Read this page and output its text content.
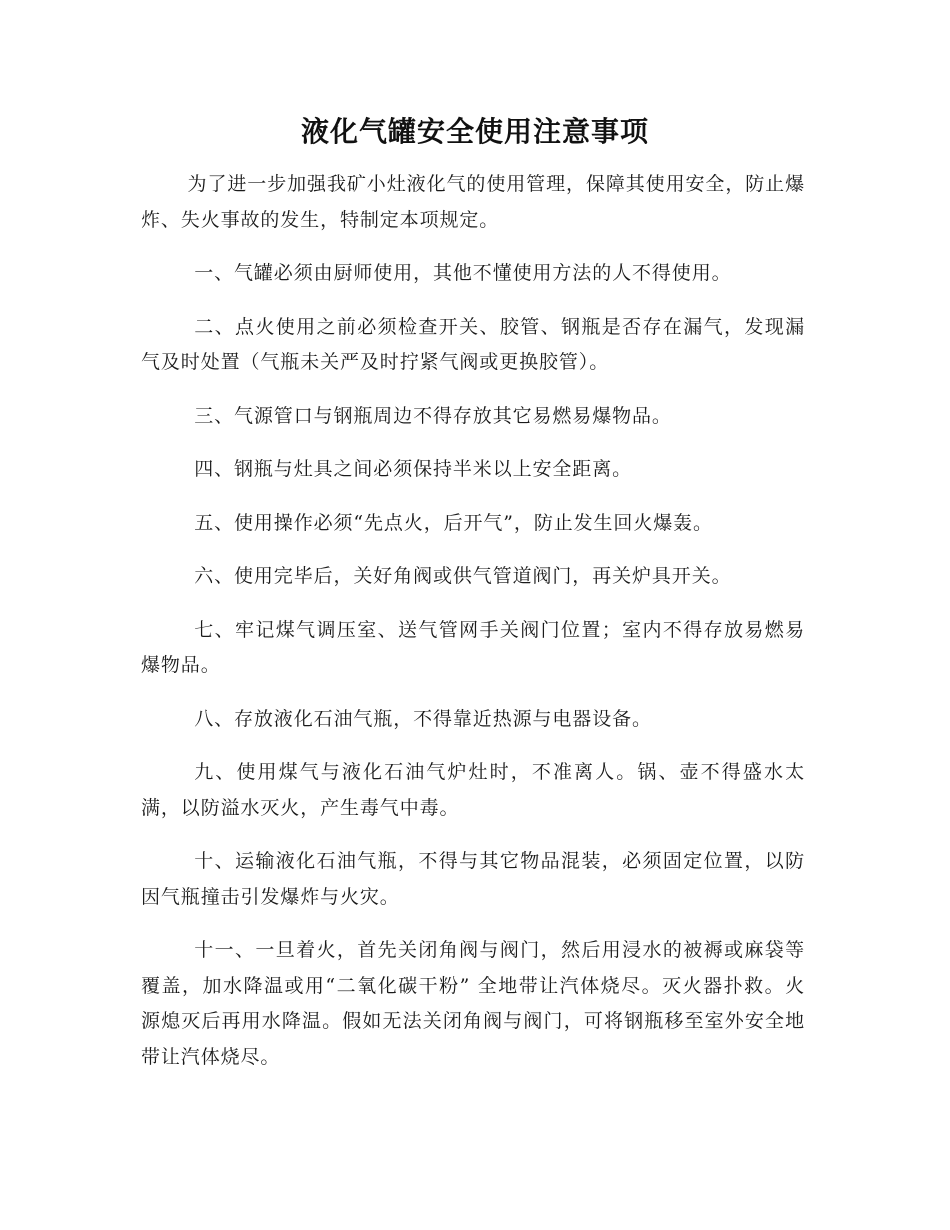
液化气罐安全使用注意事项

为了进一步加强我矿小灶液化气的使用管理，保障其使用安全，防止爆炸、失火事故的发生，特制定本项规定。

一、气罐必须由厨师使用，其他不懂使用方法的人不得使用。

二、点火使用之前必须检查开关、胶管、钢瓶是否存在漏气，发现漏气及时处置（气瓶未关严及时拧紧气阀或更换胶管）。

三、气源管口与钢瓶周边不得存放其它易燃易爆物品。

四、钢瓶与灶具之间必须保持半米以上安全距离。

五、使用操作必须“先点火，后开气”，防止发生回火爆轰。

六、使用完毕后，关好角阀或供气管道阀门，再关炉具开关。

七、牢记煤气调压室、送气管网手关阀门位置；室内不得存放易燃易爆物品。

八、存放液化石油气瓶，不得靠近热源与电器设备。

九、使用煤气与液化石油气炉灶时，不准离人。锅、壶不得盛水太满，以防溢水灭火，产生毒气中毒。

十、运输液化石油气瓶，不得与其它物品混装，必须固定位置，以防因气瓶撞击引发爆炸与火灾。

十一、一旦着火，首先关闭角阀与阀门，然后用浸水的被褥或麻袋等覆盖，加水降温或用“二氧化碳干粉” 全地带让汽体烧尽。灭火器扑救。火源熄灭后再用水降温。假如无法关闭角阀与阀门，可将钢瓶移至室外安全地带让汽体烧尽。
